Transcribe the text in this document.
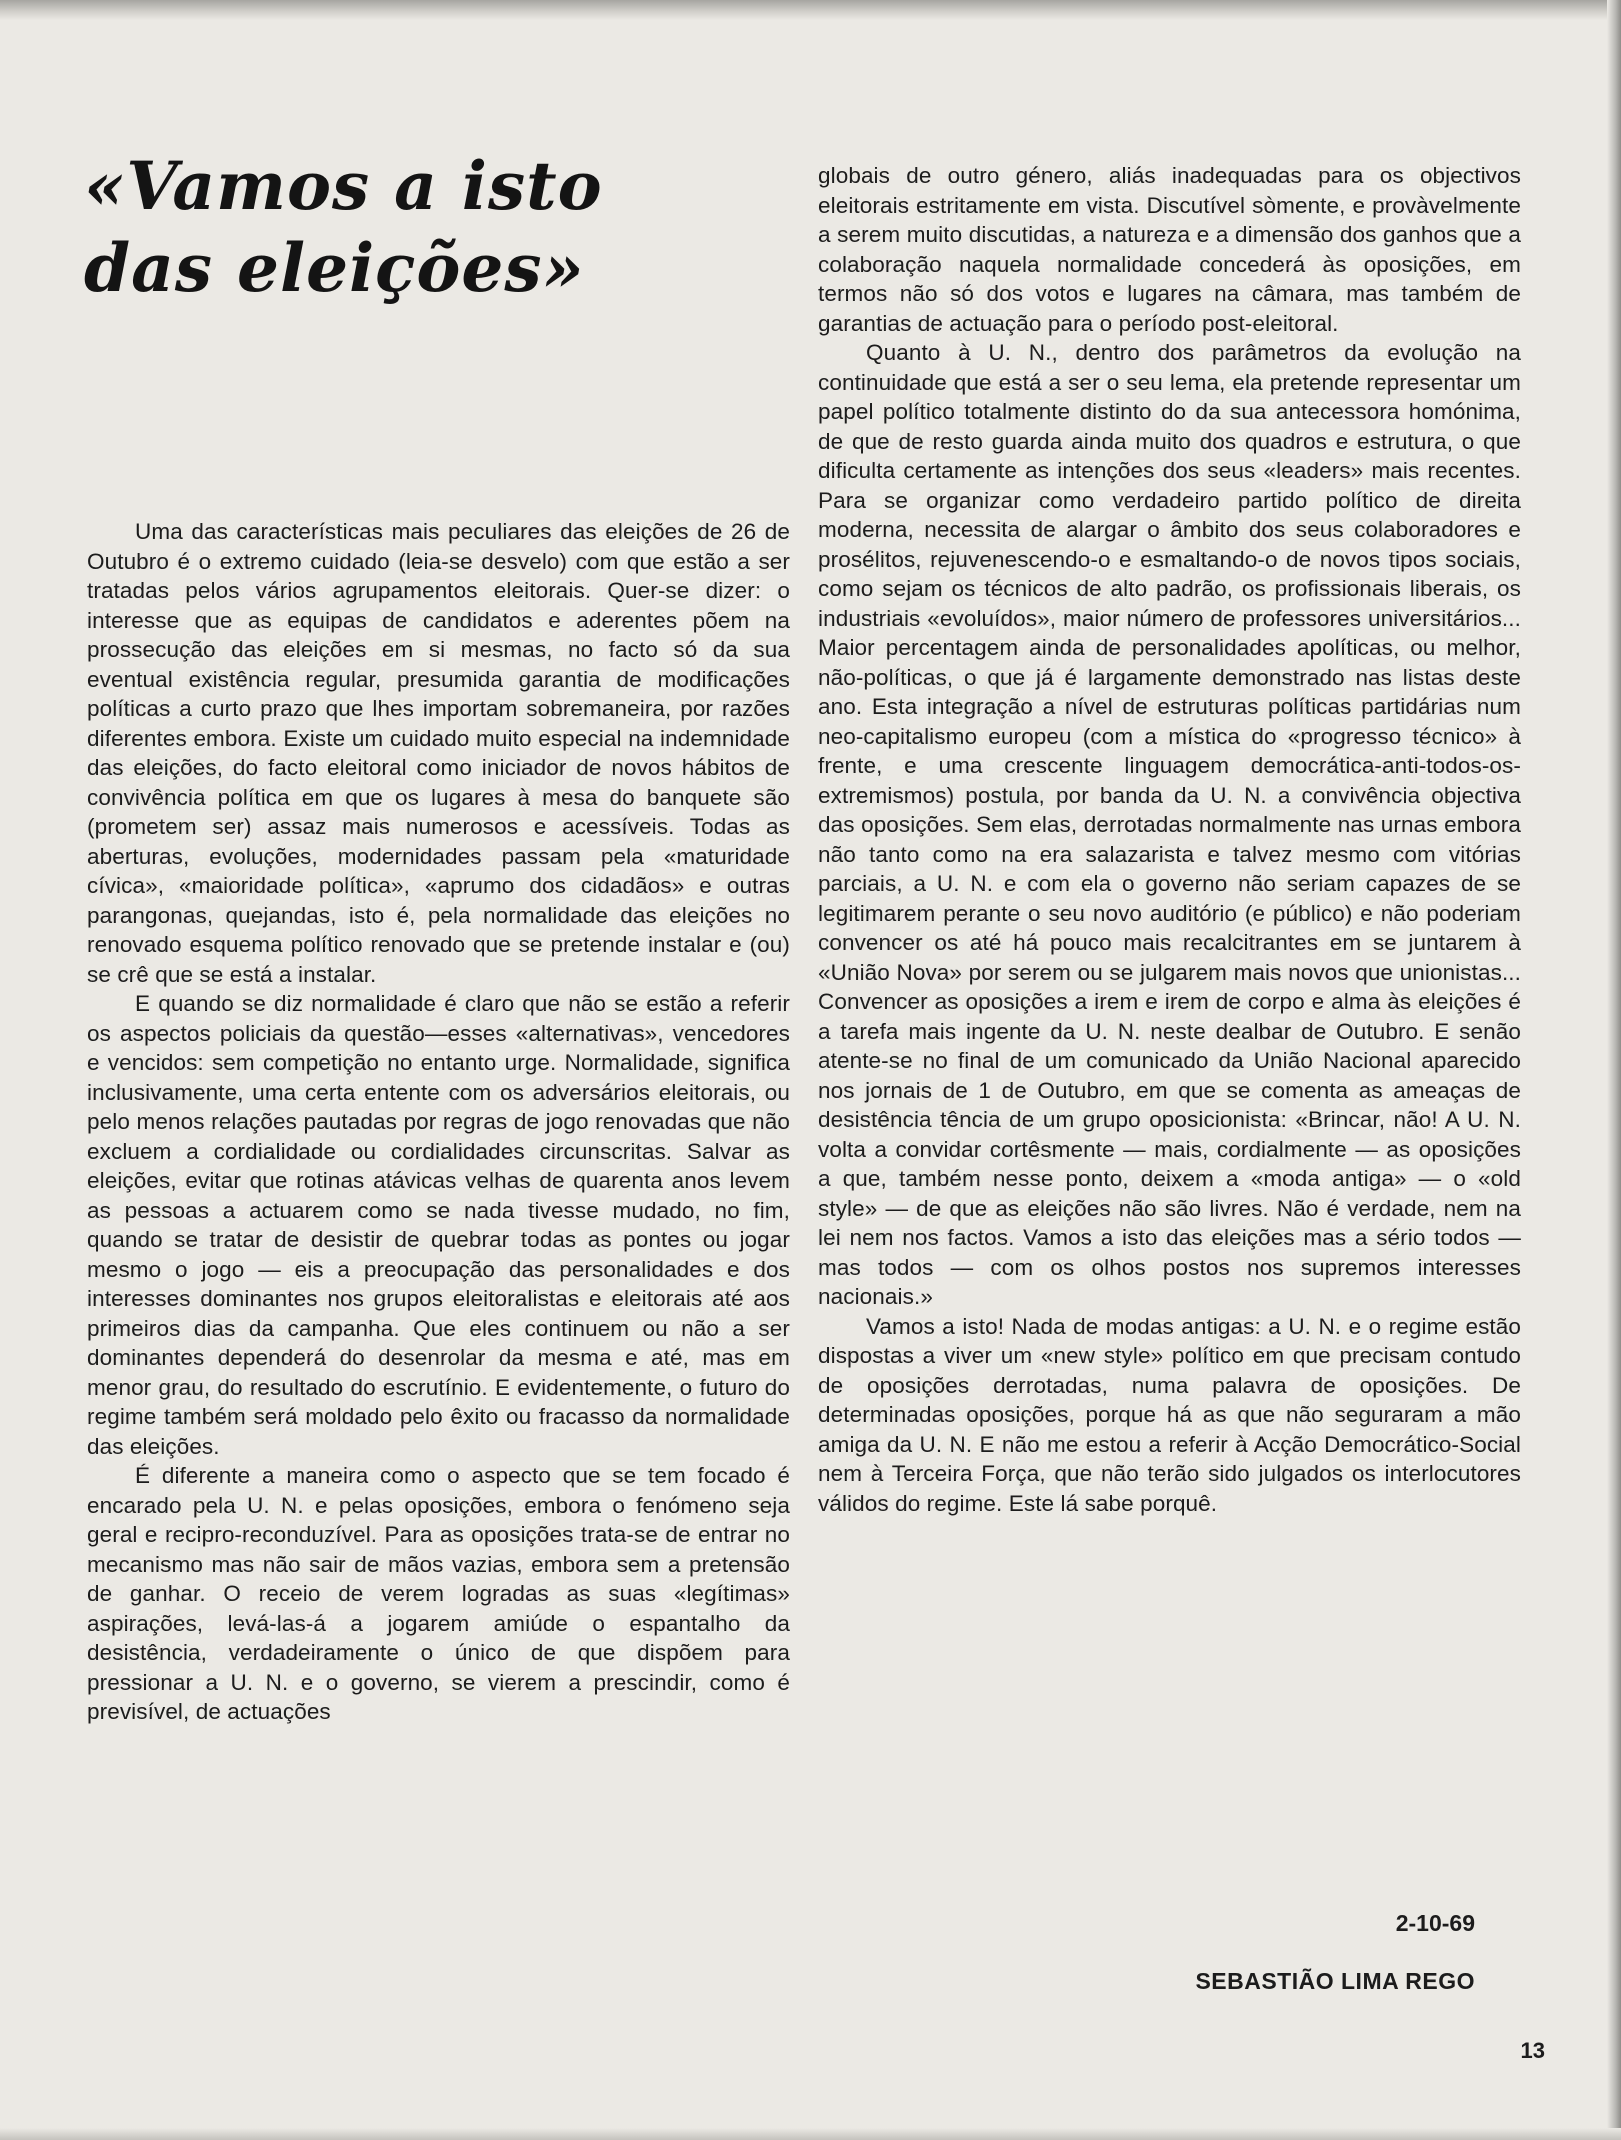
«Vamos a isto
das eleições»

Uma das características mais peculiares das eleições de 26 de Outubro é o extremo cuidado (leia-se desvelo) com que estão a ser tratadas pelos vários agrupamentos eleitorais. Quer-se dizer: o interesse que as equipas de candidatos e aderentes põem na prossecução das eleições em si mesmas, no facto só da sua eventual existência regular, presumida garantia de modificações políticas a curto prazo que lhes importam sobremaneira, por razões diferentes embora. Existe um cuidado muito especial na indemnidade das eleições, do facto eleitoral como iniciador de novos hábitos de convivência política em que os lugares à mesa do banquete são (prometem ser) assaz mais numerosos e acessíveis. Todas as aberturas, evoluções, modernidades passam pela «maturidade cívica», «maioridade política», «aprumo dos cidadãos» e outras parangonas, quejandas, isto é, pela normalidade das eleições no renovado esquema político renovado que se pretende instalar e (ou) se crê que se está a instalar.

E quando se diz normalidade é claro que não se estão a referir os aspectos policiais da questão—esses «alternativas», vencedores e vencidos: sem competição no entanto urge. Normalidade, significa inclusivamente, uma certa entente com os adversários eleitorais, ou pelo menos relações pautadas por regras de jogo renovadas que não excluem a cordialidade ou cordialidades circunscritas. Salvar as eleições, evitar que rotinas atávicas velhas de quarenta anos levem as pessoas a actuarem como se nada tivesse mudado, no fim, quando se tratar de desistir de quebrar todas as pontes ou jogar mesmo o jogo — eis a preocupação das personalidades e dos interesses dominantes nos grupos eleitoralistas e eleitorais até aos primeiros dias da campanha. Que eles continuem ou não a ser dominantes dependerá do desenrolar da mesma e até, mas em menor grau, do resultado do escrutínio. E evidentemente, o futuro do regime também será moldado pelo êxito ou fracasso da normalidade das eleições.

É diferente a maneira como o aspecto que se tem focado é encarado pela U. N. e pelas oposições, embora o fenómeno seja geral e recipro-reconduzível. Para as oposições trata-se de entrar no mecanismo mas não sair de mãos vazias, embora sem a pretensão de ganhar. O receio de verem logradas as suas «legítimas» aspirações, levá-las-á a jogarem amiúde o espantalho da desistência, verdadeiramente o único de que dispõem para pressionar a U. N. e o governo, se vierem a prescindir, como é previsível, de actuações

globais de outro género, aliás inadequadas para os objectivos eleitorais estritamente em vista. Discutível sòmente, e provàvelmente a serem muito discutidas, a natureza e a dimensão dos ganhos que a colaboração naquela normalidade concederá às oposições, em termos não só dos votos e lugares na câmara, mas também de garantias de actuação para o período post-eleitoral.

Quanto à U. N., dentro dos parâmetros da evolução na continuidade que está a ser o seu lema, ela pretende representar um papel político totalmente distinto do da sua antecessora homónima, de que de resto guarda ainda muito dos quadros e estrutura, o que dificulta certamente as intenções dos seus «leaders» mais recentes. Para se organizar como verdadeiro partido político de direita moderna, necessita de alargar o âmbito dos seus colaboradores e prosélitos, rejuvenescendo-o e esmaltando-o de novos tipos sociais, como sejam os técnicos de alto padrão, os profissionais liberais, os industriais «evoluídos», maior número de professores universitários... Maior percentagem ainda de personalidades apolíticas, ou melhor, não-políticas, o que já é largamente demonstrado nas listas deste ano. Esta integração a nível de estruturas políticas partidárias num neo-capitalismo europeu (com a mística do «progresso técnico» à frente, e uma crescente linguagem democrática-anti-todos-os-extremismos) postula, por banda da U. N. a convivência objectiva das oposições. Sem elas, derrotadas normalmente nas urnas embora não tanto como na era salazarista e talvez mesmo com vitórias parciais, a U. N. e com ela o governo não seriam capazes de se legitimarem perante o seu novo auditório (e público) e não poderiam convencer os até há pouco mais recalcitrantes em se juntarem à «União Nova» por serem ou se julgarem mais novos que unionistas... Convencer as oposições a irem e irem de corpo e alma às eleições é a tarefa mais ingente da U. N. neste dealbar de Outubro. E senão atente-se no final de um comunicado da União Nacional aparecido nos jornais de 1 de Outubro, em que se comenta as ameaças de desistência tência de um grupo oposicionista: «Brincar, não! A U. N. volta a convidar cortêsmente — mais, cordialmente — as oposições a que, também nesse ponto, deixem a «moda antiga» — o «old style» — de que as eleições não são livres. Não é verdade, nem na lei nem nos factos. Vamos a isto das eleições mas a sério todos — mas todos — com os olhos postos nos supremos interesses nacionais.»

Vamos a isto! Nada de modas antigas: a U. N. e o regime estão dispostas a viver um «new style» político em que precisam contudo de oposições derrotadas, numa palavra de oposições. De determinadas oposições, porque há as que não seguraram a mão amiga da U. N. E não me estou a referir à Acção Democrático-Social nem à Terceira Força, que não terão sido julgados os interlocutores válidos do regime. Este lá sabe porquê.

2-10-69
SEBASTIÃO LIMA REGO
13
